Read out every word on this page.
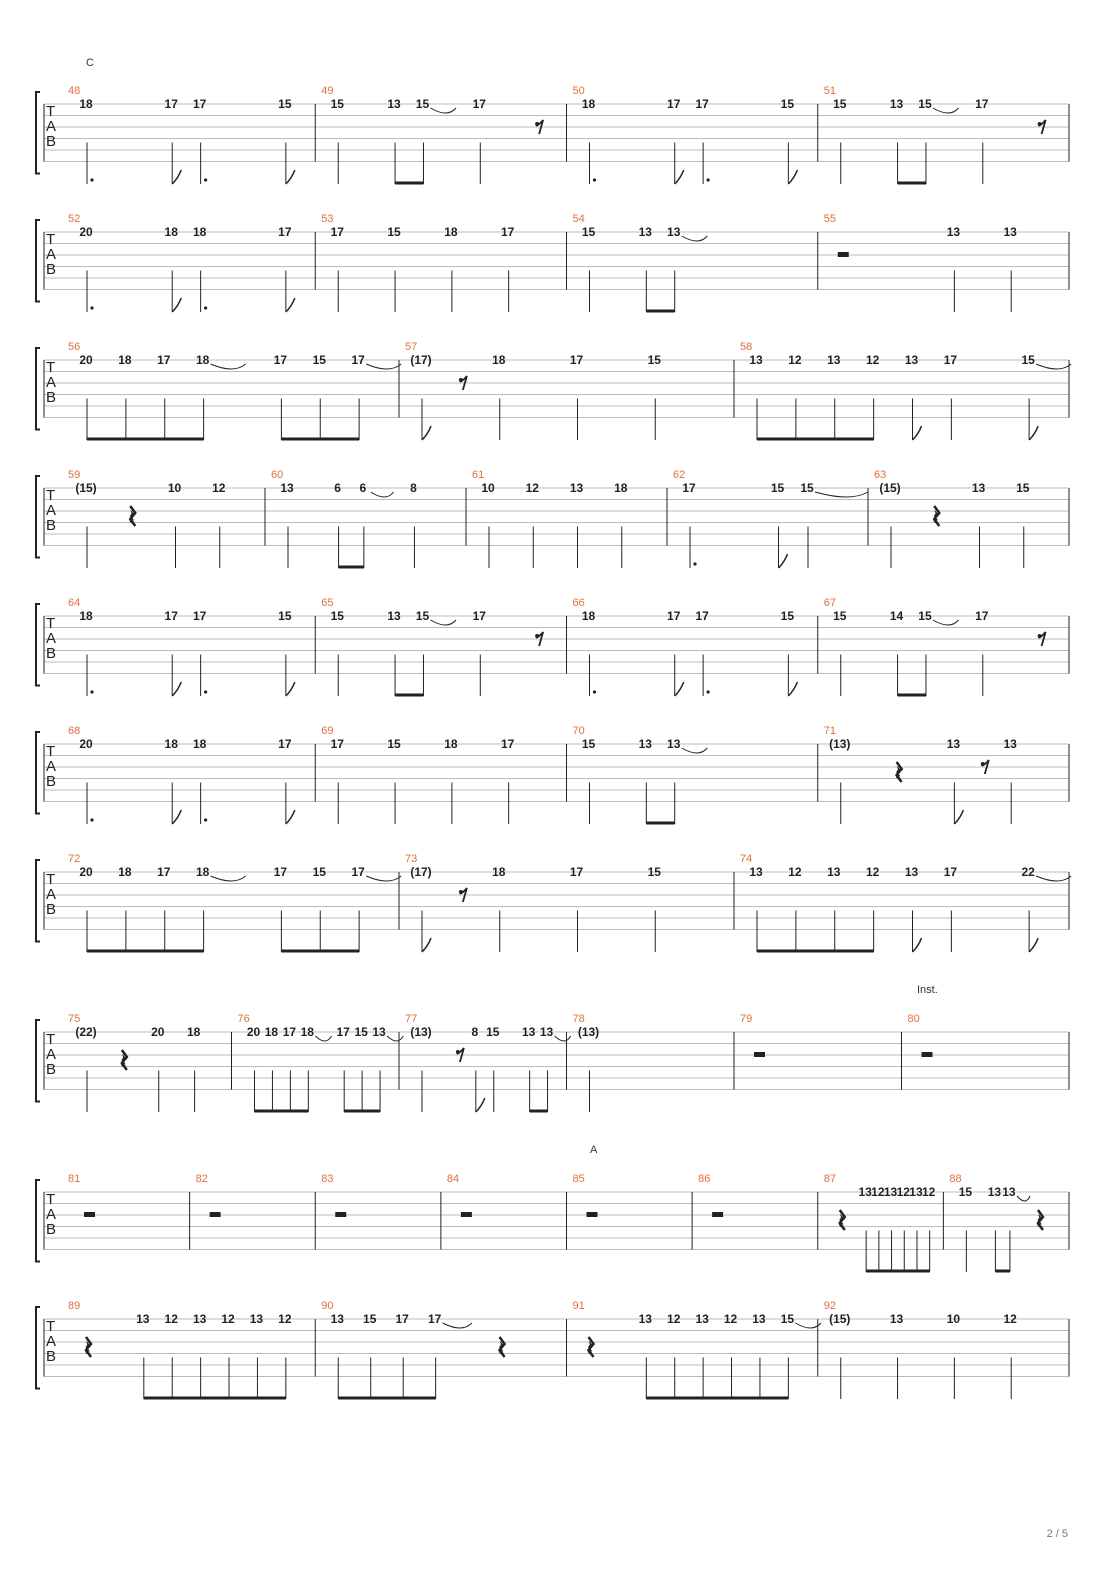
T
A
B
48
18	17 17	15
49
15	13 15	17
50
18	17 17	15
51
15	13 15	17
T
A
B
52
20	18 18	17
53
17	15	18	17
54
15	13 13
55
13	13
T
A
B
56
20 18 17 18	17 15 17
57
(17)	18	17	15
58
13 12 13 12 13 17	15
T
A
B
59
(15)
𝄽
10	12
60
13	6 6	8
61
10	12	13	18
62
17	15 15
63
(15)
𝄽
13	15
T
A
B
64
18	17 17	15
65
15	13 15	17
66
18	17 17	15
67
15	14 15	17
T
A
B
68
20	18 18	17
69
17	15	18	17
70
15	13 13
71
(13)
𝄽
13	13
T
A
B
72
20 18 17 18	17 15 17
73
(17)	18	17	15
74
13 12 13 12 13 17	22
T
A
B
75
(22)
𝄽
20 18
76
20 18 17 18 17 15 13
77
(13)	8 15 13 13
78
(13)
79	80
T
A
B
81	82	83	84	85	86	87
𝄽
13 12 13 12 13 12
88
15 13 13
𝄽
T
A
B
89
𝄽
13 12 13 12 13 12
90
13 15 17 17
𝄽
91
𝄽
13 12 13 12 13 15
92
(15)	13	10	12
C
Inst.
A
2 / 5
